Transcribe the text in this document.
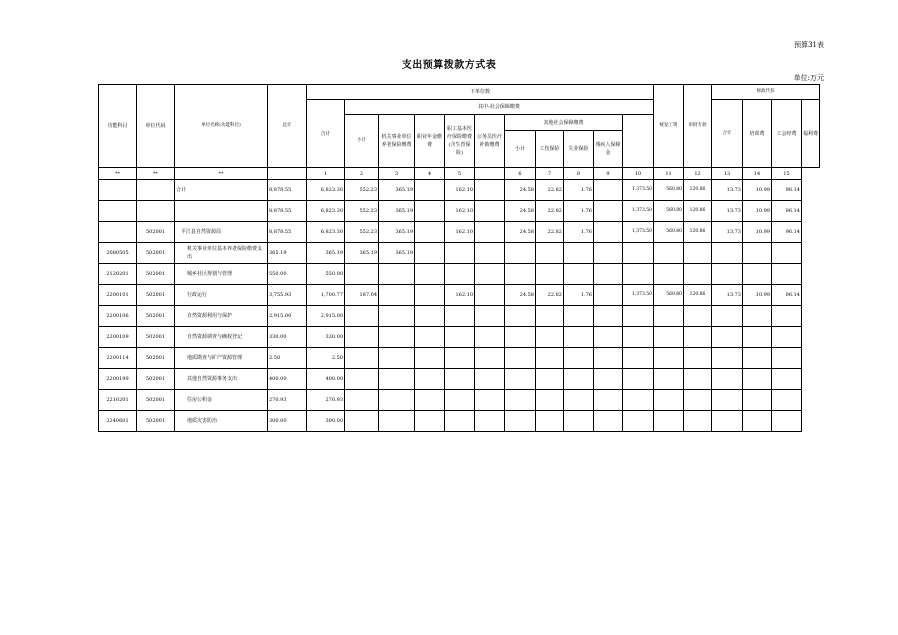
预算31表
支出预算拨款方式表
单位:万元
功能科目	单位代码	单位名称(功能科目)	总计	下单位数											统发工资	审批专款	财政代扣			
				合计	其中:社会保障缴费												合计	培训费	工会经费	福利费
					小计	机关事业单位养老保险缴费	职业年金缴费	职工基本医疗保险缴费(含生育保险)	公务员医疗补助缴费	其他社会保障缴费										
										小计	工伤保险	失业保险	残疾人保障金							
**	**	**		1	2	3	4	5		6	7	8	9	10	11	12	13	14	15	
		合计	8,878.55	6,823.30	552.23	365.19		162.10		24.58	22.82	1.76		1,373.50	560.80	120.86	13.73	10.99	96.14	
			8,878.55	6,823.30	552.23	365.19		162.10		24.58	22.82	1.76		1,373.50	560.80	120.86	13.73	10.99	96.14	
	502001	平江县自然资源局	8,878.55	6,823.30	552.23	365.19		162.10		24.58	22.82	1.76		1,373.50	560.80	120.86	13.73	10.99	96.14	
2080505	502001	机关事业单位基本养老保险缴费支出	365.19	365.19	365.19	365.19														
2120201	502001	城乡社区规划与管理	550.00	550.00																
2200101	502001	行政运行	3,755.93	1,700.77	187.04			162.10		24.58	22.82	1.76		1,373.50	560.80	120.86	13.73	10.99	96.14	
2200106	502001	自然资源利用与保护	2,915.00	2,915.00																
2200109	502001	自然资源调查与确权登记	330.00	330.00																
2200114	502001	地质勘查与矿产资源管理	2.50	2.50																
2200199	502001	其他自然资源事务支出	400.00	400.00																
2210201	502001	住房公积金	270.93	270.93																
2240601	502001	地质灾害防治	300.00	300.00																
